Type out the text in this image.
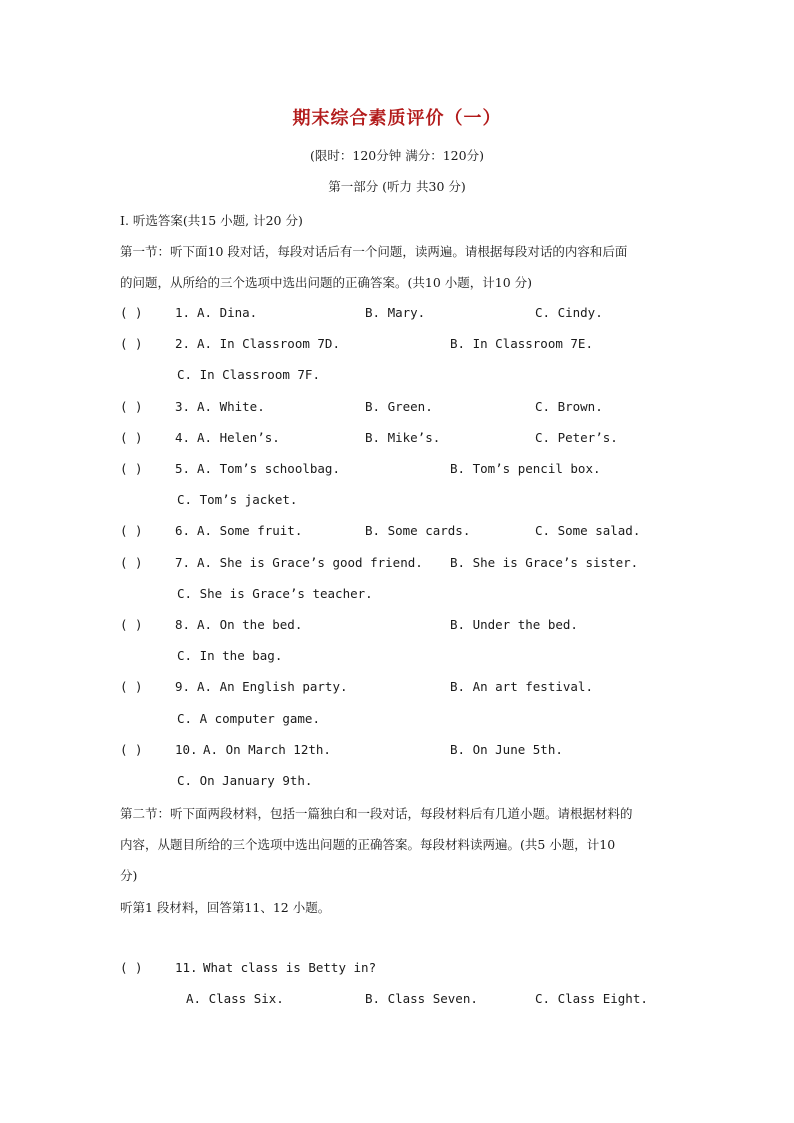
期末综合素质评价（一）
(限时：120分钟 满分：120分)
第一部分 (听力 共30 分)
I. 听选答案(共15 小题, 计20 分)
第一节：听下面10 段对话，每段对话后有一个问题，读两遍。请根据每段对话的内容和后面
的问题，从所给的三个选项中选出问题的正确答案。(共10 小题，计10 分)
( )	1. A. Dina.	B. Mary.	C. Cindy.
( )	2. A. In Classroom 7D.	B. In Classroom 7E.
C. In Classroom 7F.
( )	3. A. White.	B. Green.	C. Brown.
( )	4. A. Helen’s.	B. Mike’s.	C. Peter’s.
( )	5. A. Tom’s schoolbag.	B. Tom’s pencil box.
C. Tom’s jacket.
( )	6. A. Some fruit.	B. Some cards.	C. Some salad.
( )	7. A. She is Grace’s good friend. B. She is Grace’s sister.
C. She is Grace’s teacher.
( )	8. A. On the bed.	B. Under the bed.
C. In the bag.
( )	9. A. An English party.	B. An art festival.
C. A computer game.
( )	10. A. On March 12th.	B. On June 5th.
C. On January 9th.
第二节：听下面两段材料，包括一篇独白和一段对话，每段材料后有几道小题。请根据材料的
内容，从题目所给的三个选项中选出问题的正确答案。每段材料读两遍。(共5 小题，计10
分)
听第1 段材料，回答第11、12 小题。
( )	11. What class is Betty in?
A. Class Six.	B. Class Seven.	C. Class Eight.
